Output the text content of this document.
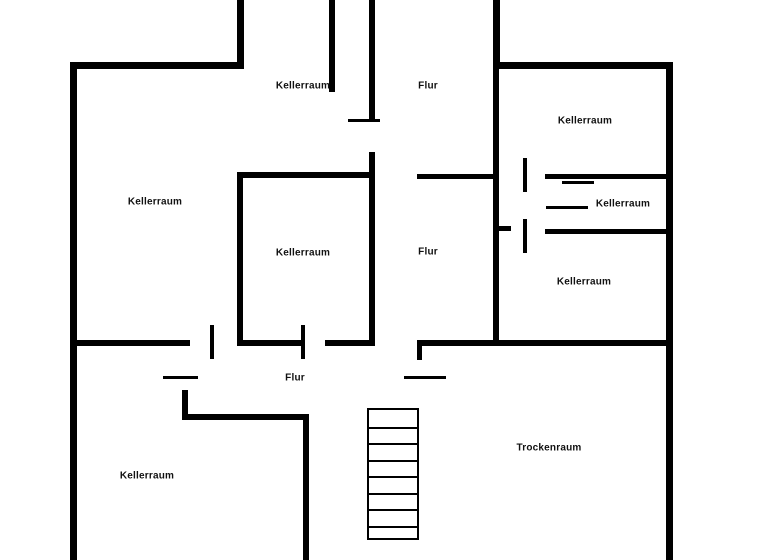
Kellerraum	Flur
Kellerraum
Kellerraum	Kellerraum
Kellerraum	Flur
Kellerraum
Flur
Trockenraum
Kellerraum
